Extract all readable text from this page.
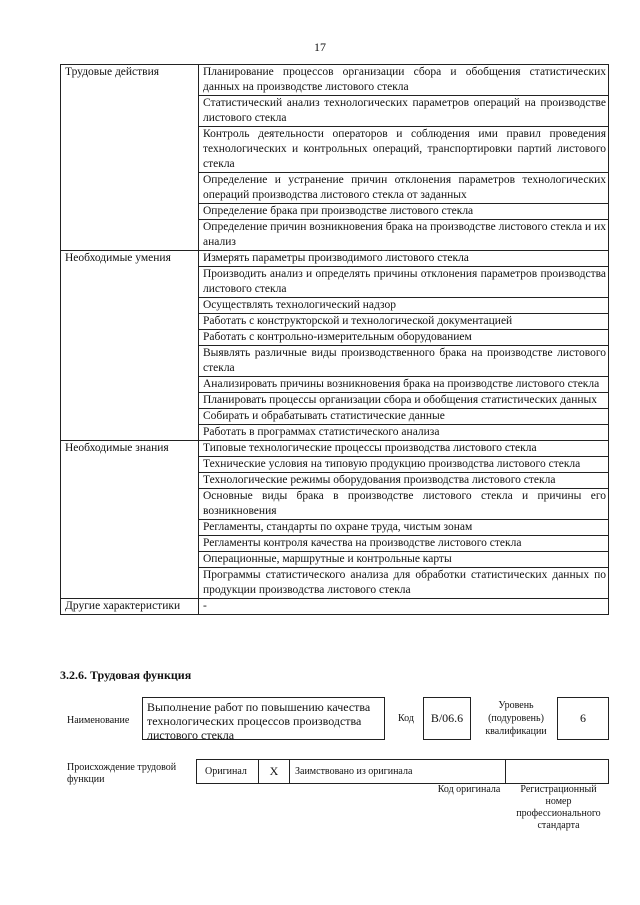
17
Трудовые действия	Планирование процессов организации сбора и обобщения статистических данных на производстве листового стекла
	Статистический анализ технологических параметров операций на производстве листового стекла
	Контроль деятельности операторов и соблюдения ими правил проведения технологических и контрольных операций, транспортировки партий листового стекла
	Определение и устранение причин отклонения параметров технологических операций производства листового стекла от заданных
	Определение брака при производстве листового стекла
	Определение причин возникновения брака на производстве листового стекла и их анализ
Необходимые умения	Измерять параметры производимого листового стекла
	Производить анализ и определять причины отклонения параметров производства листового стекла
	Осуществлять технологический надзор
	Работать с конструкторской и технологической документацией
	Работать с контрольно-измерительным оборудованием
	Выявлять различные виды производственного брака на производстве листового стекла
	Анализировать причины возникновения брака на производстве листового стекла
	Планировать процессы организации сбора и обобщения статистических данных
	Собирать и обрабатывать статистические данные
	Работать в программах статистического анализа
Необходимые знания	Типовые технологические процессы производства листового стекла
	Технические условия на типовую продукцию производства листового стекла
	Технологические режимы оборудования производства листового стекла
	Основные виды брака в производстве листового стекла и причины его возникновения
	Регламенты, стандарты по охране труда, чистым зонам
	Регламенты контроля качества на производстве листового стекла
	Операционные, маршрутные и контрольные карты
	Программы статистического анализа для обработки статистических данных по продукции производства листового стекла
Другие характеристики	-
3.2.6. Трудовая функция
Наименование
Выполнение работ по повышению качества технологических процессов производства листового стекла
Код	В/06.6
Уровень (подуровень) квалификации
6
Происхождение трудовой функции
Оригинал	X	Заимствовано из оригинала
Код оригинала	Регистрационный номер профессионального стандарта
